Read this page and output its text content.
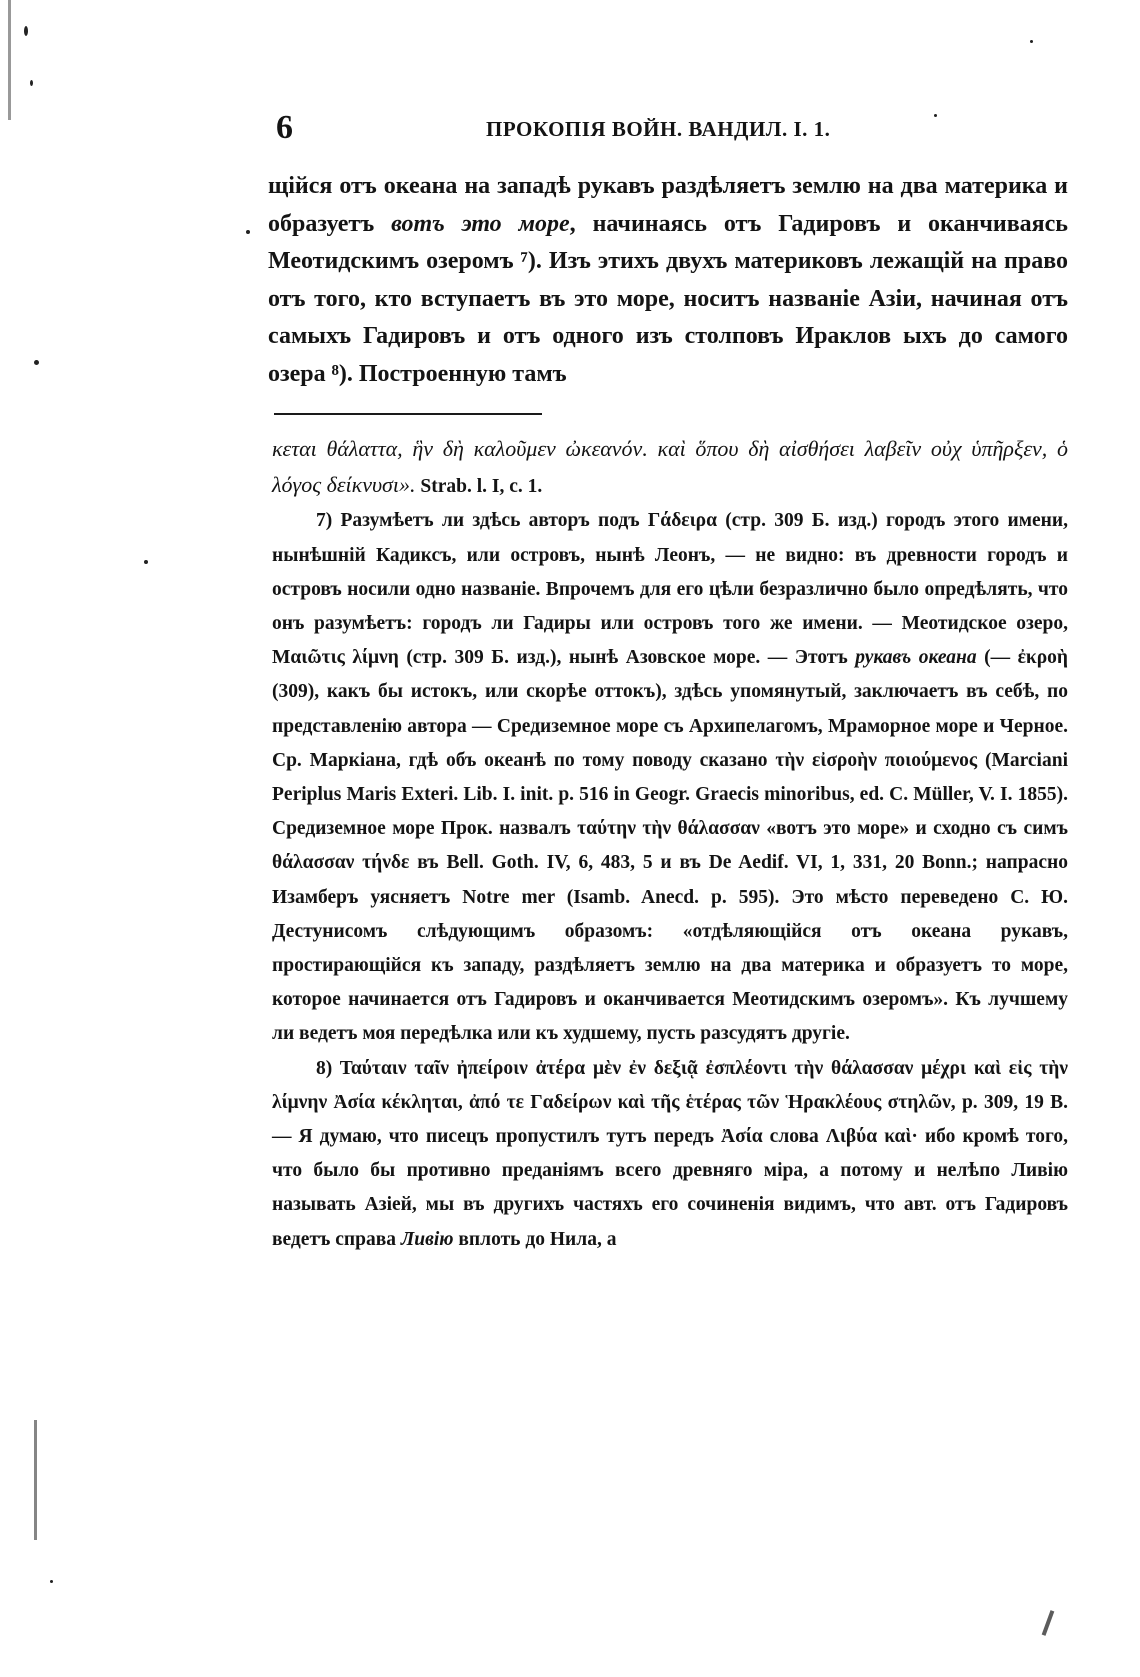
6	ПРОКОПІЯ ВОЙН. ВАНДИЛ. I. 1.

щійся отъ океана на западѣ рукавъ раздѣляетъ землю на два материка и образуетъ вотъ это море, начинаясь отъ Гадировъ и оканчиваясь Меотидскимъ озеромъ ⁷). Изъ этихъ двухъ материковъ лежащій на право отъ того, кто вступаетъ въ это море, носитъ названіе Азіи, начиная отъ самыхъ Гадировъ и отъ одного изъ столповъ Ираклов ыхъ до самого озера ⁸). Построенную тамъ

κεται θάλαττα, ἣν δὴ καλοῦμεν ὠκεανόν. καὶ ὅπου δὴ αἰσθήσει λαβεῖν οὐχ ὑπῆρξεν, ὁ λόγος δείκνυσι». Strab. l. I, c. 1.

7) Разумѣетъ ли здѣсь авторъ подъ Γάδειρα (стр. 309 Б. изд.) городъ этого имени, нынѣшній Кадиксъ, или островъ, нынѣ Леонъ, — не видно: въ древности городъ и островъ носили одно названіе. Впрочемъ для его цѣли безразлично было опредѣлять, что онъ разумѣетъ: городъ ли Гадиры или островъ того же имени. — Меотидское озеро, Μαιῶτις λίμνη (стр. 309 Б. изд.), нынѣ Азовское море. — Этотъ рукавъ океана (— ἐκροὴ (309), какъ бы истокъ, или скорѣе оттокъ), здѣсь упомянутый, заключаетъ въ себѣ, по представленію автора — Средиземное море съ Архипелагомъ, Мраморное море и Черное. Ср. Маркіана, гдѣ объ океанѣ по тому поводу сказано τὴν εἰσροὴν ποιούμενος (Marciani Periplus Maris Exteri. Lib. I. init. p. 516 in Geogr. Graecis minoribus, ed. C. Müller, V. I. 1855). Средиземное море Прок. назвалъ ταύτην τὴν θάλασσαν «вотъ это море» и сходно съ симъ θάλασσαν τήνδε въ Bell. Goth. IV, 6, 483, 5 и въ De Aedif. VI, 1, 331, 20 Bonn.; напрасно Изамберъ уясняетъ Notre mer (Isamb. Anecd. p. 595). Это мѣсто переведено С. Ю. Дестунисомъ слѣдующимъ образомъ: «отдѣляющійся отъ океана рукавъ, простирающійся къ западу, раздѣляетъ землю на два материка и образуетъ то море, которое начинается отъ Гадировъ и оканчивается Меотидскимъ озеромъ». Къ лучшему ли ведетъ моя передѣлка или къ худшему, пусть разсудятъ другіе.

8) Ταύταιν ταῖν ἠπείροιν ἀτέρα μὲν ἐν δεξιᾷ ἐσπλέοντι τὴν θάλασσαν μέχρι καὶ εἰς τὴν λίμνην Ἀσία κέκληται, ἀπό τε Γαδείρων καὶ τῆς ἑτέρας τῶν Ἡρακλέους στηλῶν, p. 309, 19 B. — Я думаю, что писецъ пропустилъ тутъ передъ Ἀσία слова Λιβύα καὶ· ибо кромѣ того, что было бы противно преданіямъ всего древняго міра, а потому и нелѣпо Ливію называть Азіей, мы въ другихъ частяхъ его сочиненія видимъ, что авт. отъ Гадировъ ведетъ справа Ливію вплоть до Нила, а
